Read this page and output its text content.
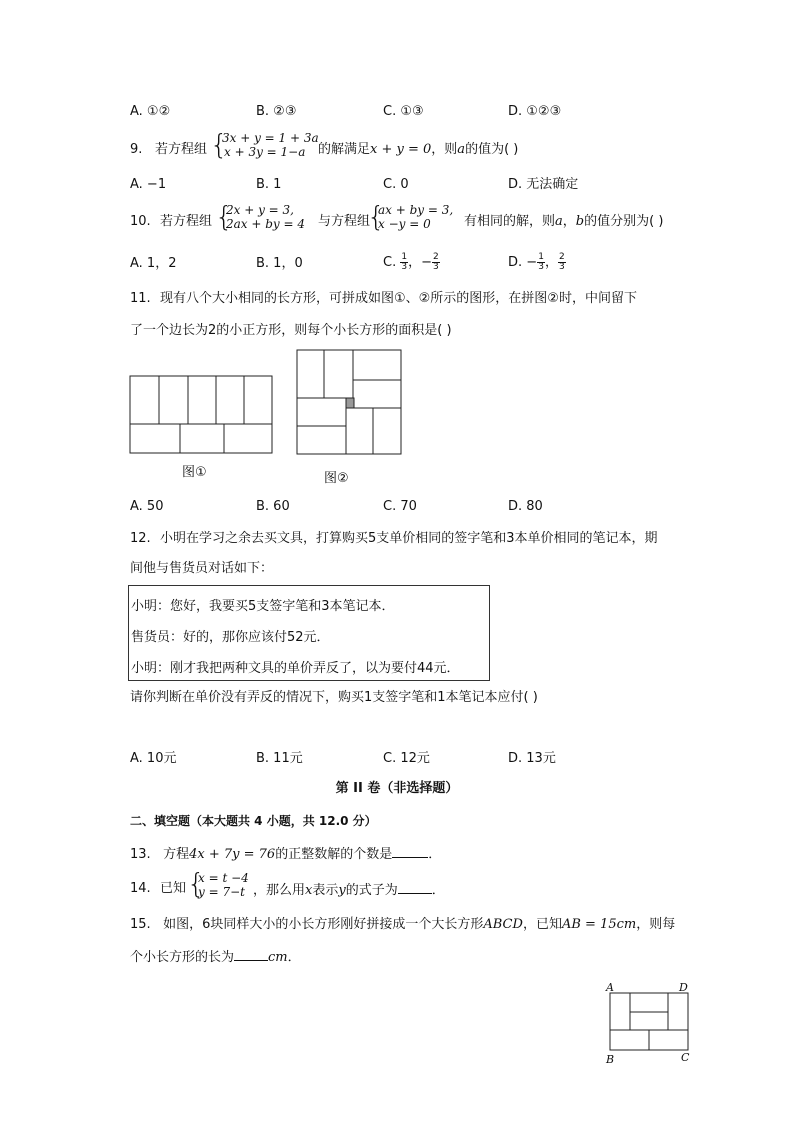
A. ①②	B. ②③	C. ①③	D. ①②③
9. 若方程组 {
3x + y = 1 + 3a
x + 3y = 1−a 的解满足x + y = 0，则a的值为( )
A. −1	B. 1	C. 0	D. 无法确定
10. 若方程组 {
2x + y = 3,
2ax + by = 4 与方程组
{
ax + by = 3,
x −y = 0	有相同的解，则a，b的值分别为( )
A. 1，2	B. 1，0	C. $\frac{1}{3}$ ，− $\frac{2}{3}$	D. − $\frac{1}{3}$ ， $\frac{2}{3}$
11. 现有八个大小相同的长方形，可拼成如图①、②所示的图形，在拼图②时，中间留下
了一个边长为2的小正方形，则每个小长方形的面积是( )
图①	图②
A. 50	B. 60	C. 70	D. 80
12. 小明在学习之余去买文具，打算购买5支单价相同的签字笔和3本单价相同的笔记本，期
间他与售货员对话如下：
小明：您好，我要买5支签字笔和3本笔记本．
售货员：好的，那你应该付52元．
小明：刚才我把两种文具的单价弄反了，以为要付44元．
请你判断在单价没有弄反的情况下，购买1支签字笔和1本笔记本应付( )
A. 10元	B. 11元	C. 12元	D. 13元
第 II 卷（非选择题）
二、填空题（本大题共 4 小题，共 12.0 分）
13. 方程4x + 7y = 76的正整数解的个数是	．
14. 已知 {
x = t −4
y = 7−t ，那么用x表示y的式子为	．
15. 如图，6块同样大小的小长方形刚好拼接成一个大长方形ABCD，已知AB = 15cm，则每
个小长方形的长为	cm．
A	D
B	C
